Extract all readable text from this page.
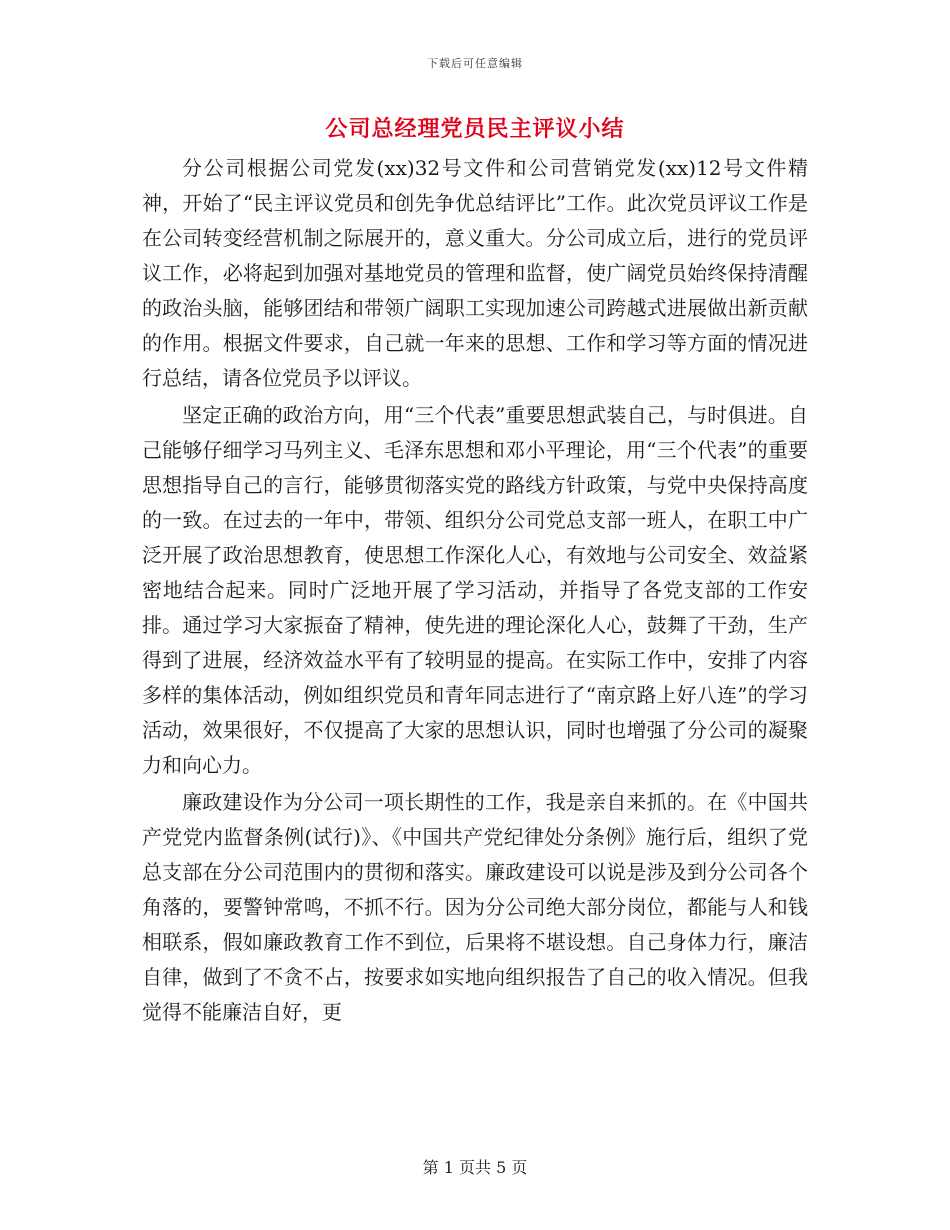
下载后可任意编辑
公司总经理党员民主评议小结

分公司根据公司党发(xx)32号文件和公司营销党发(xx)12号文件精神，开始了“民主评议党员和创先争优总结评比”工作。此次党员评议工作是在公司转变经营机制之际展开的，意义重大。分公司成立后，进行的党员评议工作，必将起到加强对基地党员的管理和监督，使广阔党员始终保持清醒的政治头脑，能够团结和带领广阔职工实现加速公司跨越式进展做出新贡献的作用。根据文件要求，自己就一年来的思想、工作和学习等方面的情况进行总结，请各位党员予以评议。

坚定正确的政治方向，用“三个代表”重要思想武装自己，与时俱进。自己能够仔细学习马列主义、毛泽东思想和邓小平理论，用“三个代表”的重要思想指导自己的言行，能够贯彻落实党的路线方针政策，与党中央保持高度的一致。在过去的一年中，带领、组织分公司党总支部一班人，在职工中广泛开展了政治思想教育，使思想工作深化人心，有效地与公司安全、效益紧密地结合起来。同时广泛地开展了学习活动，并指导了各党支部的工作安排。通过学习大家振奋了精神，使先进的理论深化人心，鼓舞了干劲，生产得到了进展，经济效益水平有了较明显的提高。在实际工作中，安排了内容多样的集体活动，例如组织党员和青年同志进行了“南京路上好八连”的学习活动，效果很好，不仅提高了大家的思想认识，同时也增强了分公司的凝聚力和向心力。

廉政建设作为分公司一项长期性的工作，我是亲自来抓的。在《中国共产党党内监督条例(试行)》、《中国共产党纪律处分条例》施行后，组织了党总支部在分公司范围内的贯彻和落实。廉政建设可以说是涉及到分公司各个角落的，要警钟常鸣，不抓不行。因为分公司绝大部分岗位，都能与人和钱相联系，假如廉政教育工作不到位，后果将不堪设想。自己身体力行，廉洁自律，做到了不贪不占，按要求如实地向组织报告了自己的收入情况。但我觉得不能廉洁自好，更

第 1 页共 5 页
